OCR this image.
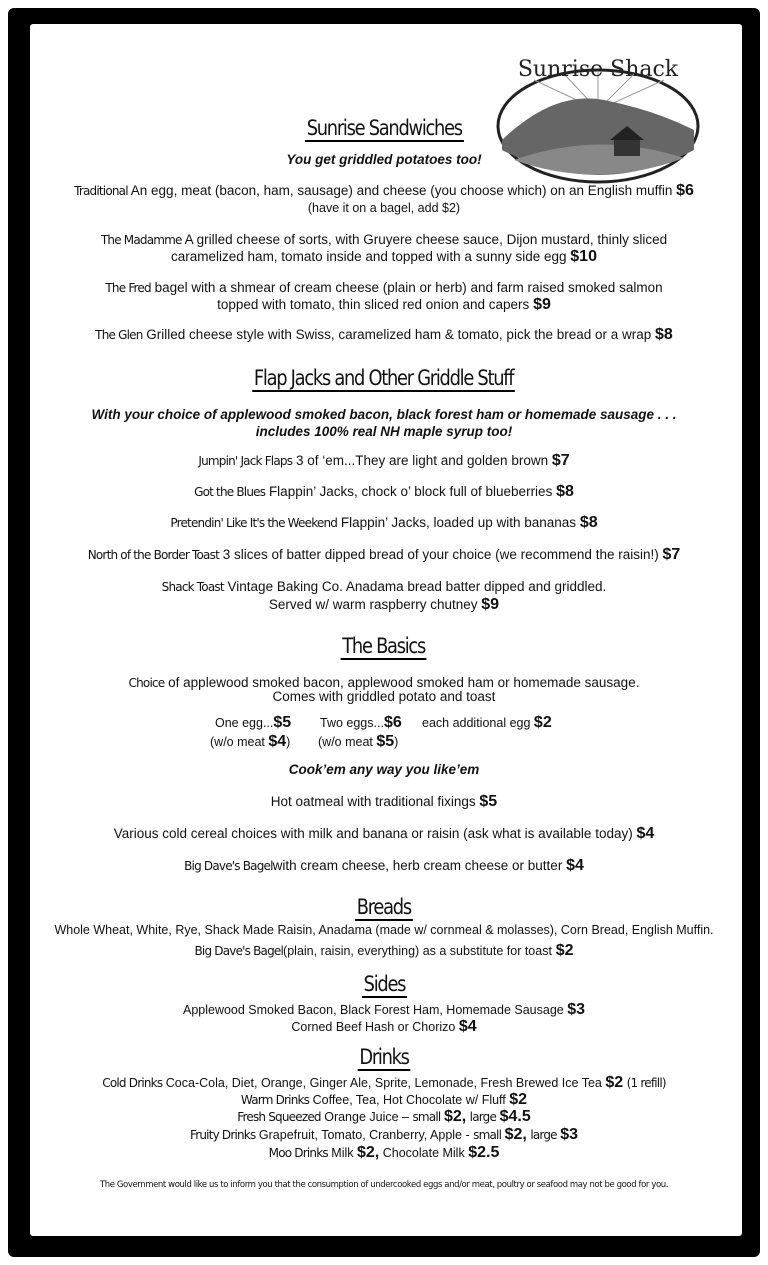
Sunrise Shack
Sunrise Sandwiches
You get griddled potatoes too!
Traditional An egg, meat (bacon, ham, sausage) and cheese (you choose which) on an English muffin $6
(have it on a bagel, add $2)
The Madamme A grilled cheese of sorts, with Gruyere cheese sauce, Dijon mustard, thinly sliced
caramelized ham, tomato inside and topped with a sunny side egg $10
The Fred bagel with a shmear of cream cheese (plain or herb) and farm raised smoked salmon
topped with tomato, thin sliced red onion and capers $9
The Glen Grilled cheese style with Swiss, caramelized ham & tomato, pick the bread or a wrap $8
Flap Jacks and Other Griddle Stuff
With your choice of applewood smoked bacon, black forest ham or homemade sausage . . .
includes 100% real NH maple syrup too!
Jumpin' Jack Flaps 3 of ‘em...They are light and golden brown $7
Got the Blues Flappin’ Jacks, chock o’ block full of blueberries $8
Pretendin' Like It's the Weekend Flappin’ Jacks, loaded up with bananas $8
North of the Border Toast 3 slices of batter dipped bread of your choice (we recommend the raisin!) $7
Shack Toast Vintage Baking Co. Anadama bread batter dipped and griddled.
Served w/ warm raspberry chutney $9
The Basics
Choice of applewood smoked bacon, applewood smoked ham or homemade sausage.
Comes with griddled potato and toast
One egg...$5
(w/o meat $4)
Two eggs...$6
(w/o meat $5)
each additional egg $2
Cook’em any way you like’em
Hot oatmeal with traditional fixings $5
Various cold cereal choices with milk and banana or raisin (ask what is available today) $4
Big Dave's Bagelwith cream cheese, herb cream cheese or butter $4
Breads
Whole Wheat, White, Rye, Shack Made Raisin, Anadama (made w/ cornmeal & molasses), Corn Bread, English Muffin.
Big Dave's Bagel(plain, raisin, everything) as a substitute for toast $2
Sides
Applewood Smoked Bacon, Black Forest Ham, Homemade Sausage $3
Corned Beef Hash or Chorizo $4
Drinks
Cold Drinks Coca-Cola, Diet, Orange, Ginger Ale, Sprite, Lemonade, Fresh Brewed Ice Tea $2 (1 refill)
Warm Drinks Coffee, Tea, Hot Chocolate w/ Fluff $2
Fresh Squeezed Orange Juice – small $2, large $4.5
Fruity Drinks Grapefruit, Tomato, Cranberry, Apple - small $2, large $3
Moo Drinks Milk $2, Chocolate Milk $2.5
The Government would like us to inform you that the consumption of undercooked eggs and/or meat, poultry or seafood may not be good for you.
